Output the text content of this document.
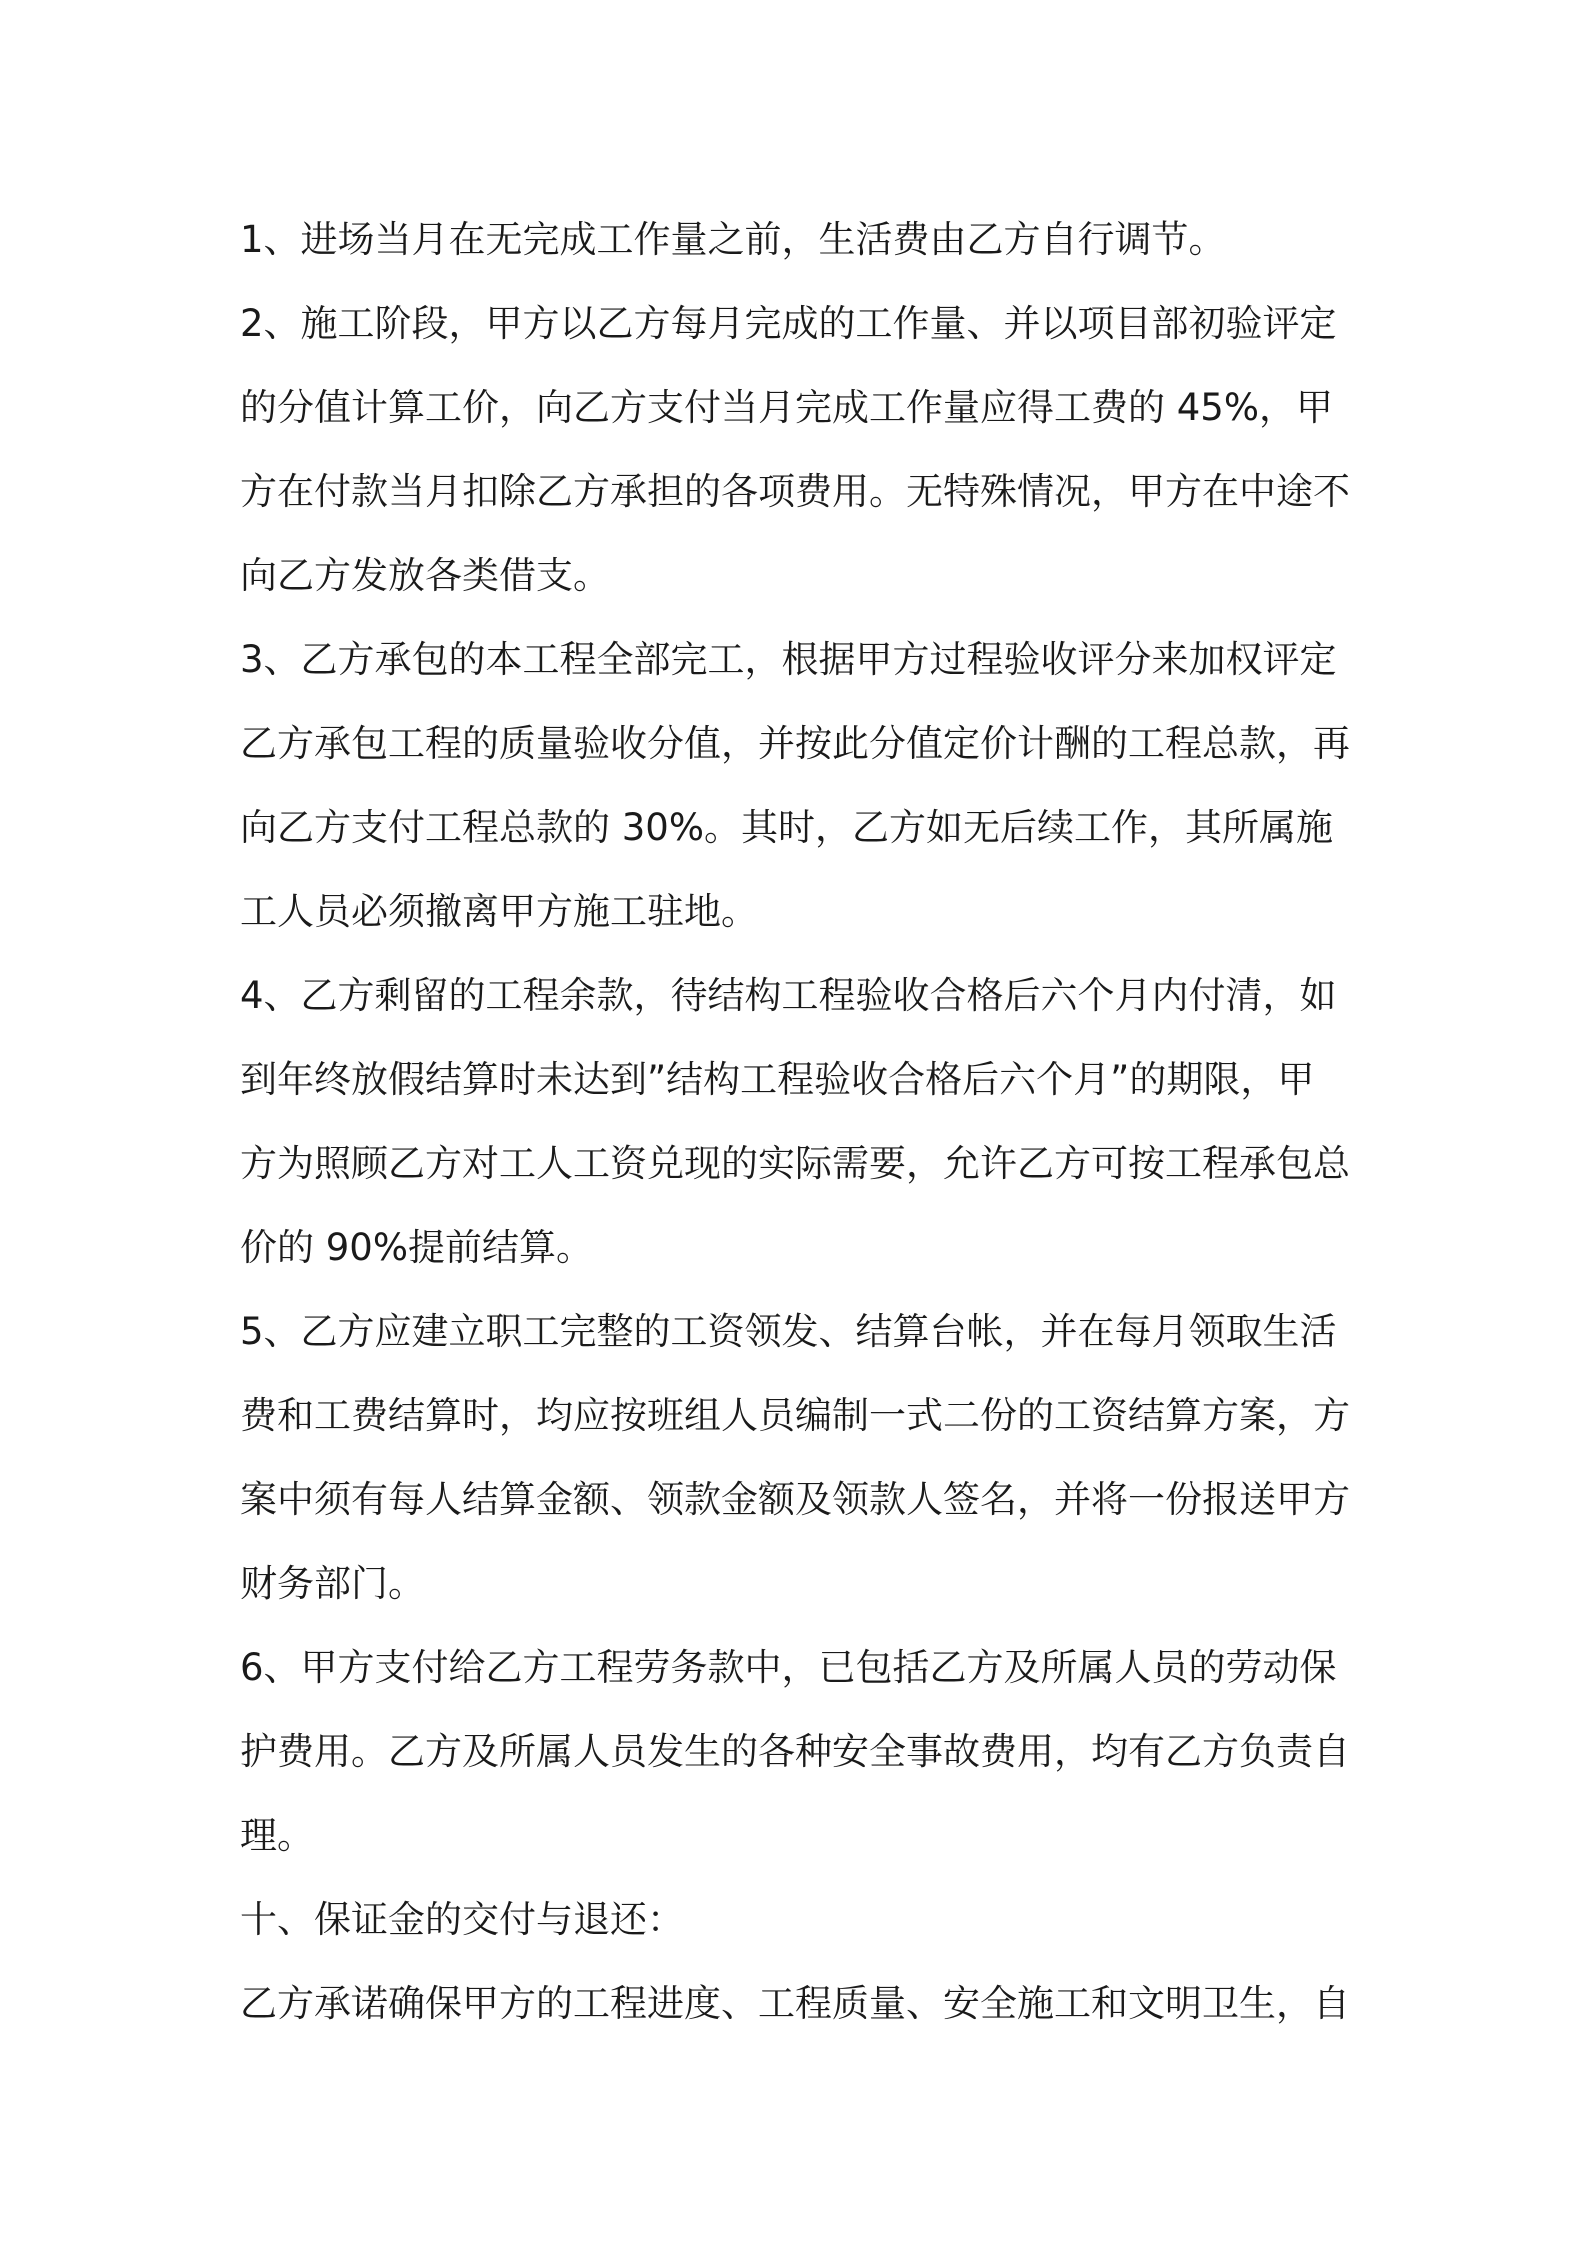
1、进场当月在无完成工作量之前，生活费由乙方自行调节。
2、施工阶段，甲方以乙方每月完成的工作量、并以项目部初验评定
的分值计算工价，向乙方支付当月完成工作量应得工费的 45%，甲
方在付款当月扣除乙方承担的各项费用。无特殊情况，甲方在中途不
向乙方发放各类借支。
3、乙方承包的本工程全部完工，根据甲方过程验收评分来加权评定
乙方承包工程的质量验收分值，并按此分值定价计酬的工程总款，再
向乙方支付工程总款的 30%。其时，乙方如无后续工作，其所属施
工人员必须撤离甲方施工驻地。
4、乙方剩留的工程余款，待结构工程验收合格后六个月内付清，如
到年终放假结算时未达到”结构工程验收合格后六个月”的期限，甲
方为照顾乙方对工人工资兑现的实际需要，允许乙方可按工程承包总
价的 90%提前结算。
5、乙方应建立职工完整的工资领发、结算台帐，并在每月领取生活
费和工费结算时，均应按班组人员编制一式二份的工资结算方案，方
案中须有每人结算金额、领款金额及领款人签名，并将一份报送甲方
财务部门。
6、甲方支付给乙方工程劳务款中，已包括乙方及所属人员的劳动保
护费用。乙方及所属人员发生的各种安全事故费用，均有乙方负责自
理。
十、保证金的交付与退还：
乙方承诺确保甲方的工程进度、工程质量、安全施工和文明卫生，自
